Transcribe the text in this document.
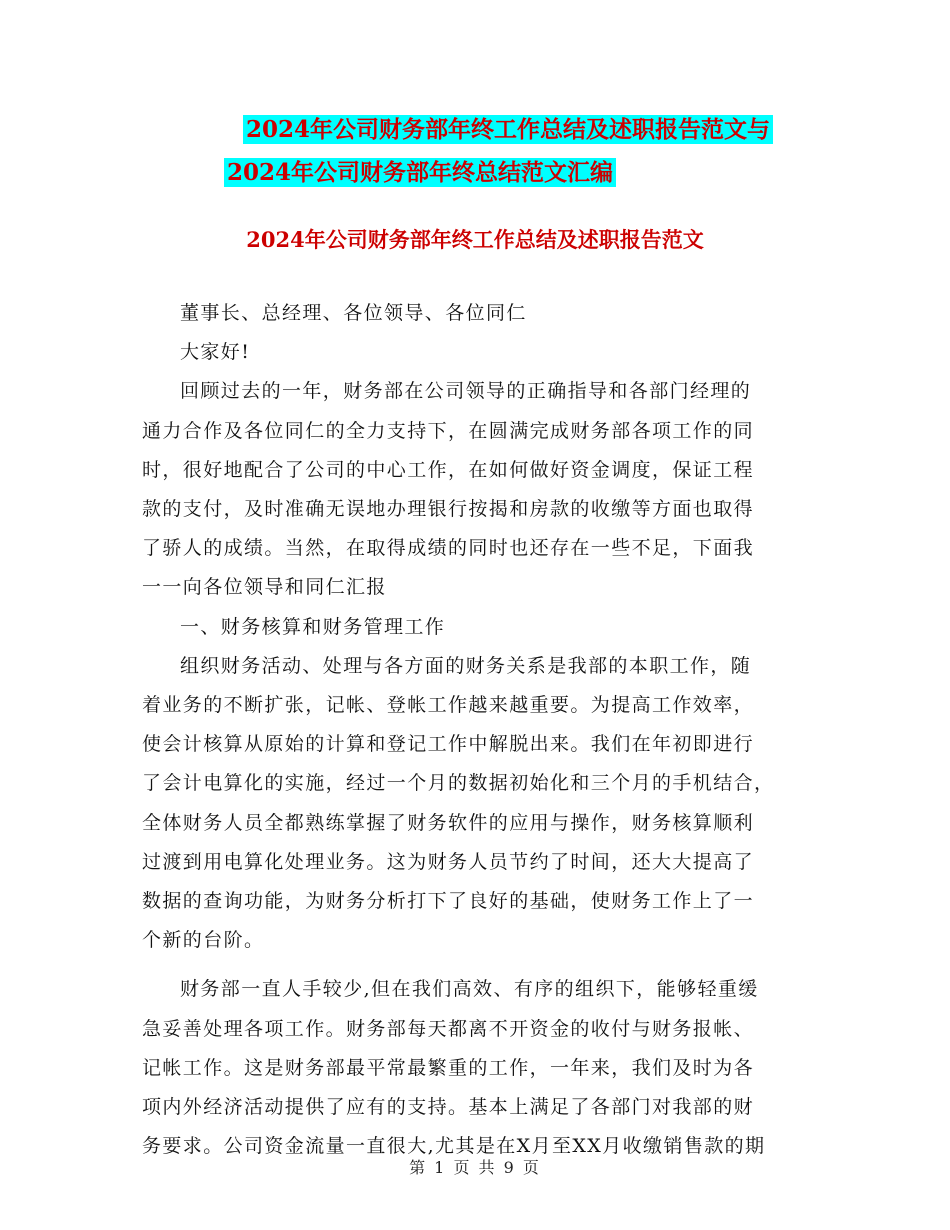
2024年公司财务部年终工作总结及述职报告范文与
2024年公司财务部年终总结范文汇编
2024年公司财务部年终工作总结及述职报告范文
董事长、总经理、各位领导、各位同仁
大家好!
回顾过去的一年，财务部在公司领导的正确指导和各部门经理的
通力合作及各位同仁的全力支持下，在圆满完成财务部各项工作的同
时，很好地配合了公司的中心工作，在如何做好资金调度，保证工程
款的支付，及时准确无误地办理银行按揭和房款的收缴等方面也取得
了骄人的成绩。当然，在取得成绩的同时也还存在一些不足，下面我
一一向各位领导和同仁汇报
一、财务核算和财务管理工作
组织财务活动、处理与各方面的财务关系是我部的本职工作，随
着业务的不断扩张，记帐、登帐工作越来越重要。为提高工作效率，
使会计核算从原始的计算和登记工作中解脱出来。我们在年初即进行
了会计电算化的实施，经过一个月的数据初始化和三个月的手机结合，
全体财务人员全都熟练掌握了财务软件的应用与操作，财务核算顺利
过渡到用电算化处理业务。这为财务人员节约了时间，还大大提高了
数据的查询功能，为财务分析打下了良好的基础，使财务工作上了一
个新的台阶。
财务部一直人手较少,但在我们高效、有序的组织下，能够轻重缓
急妥善处理各项工作。财务部每天都离不开资金的收付与财务报帐、
记帐工作。这是财务部最平常最繁重的工作，一年来，我们及时为各
项内外经济活动提供了应有的支持。基本上满足了各部门对我部的财
务要求。公司资金流量一直很大,尤其是在X月至XX月收缴销售款的期
第 1 页 共 9 页
